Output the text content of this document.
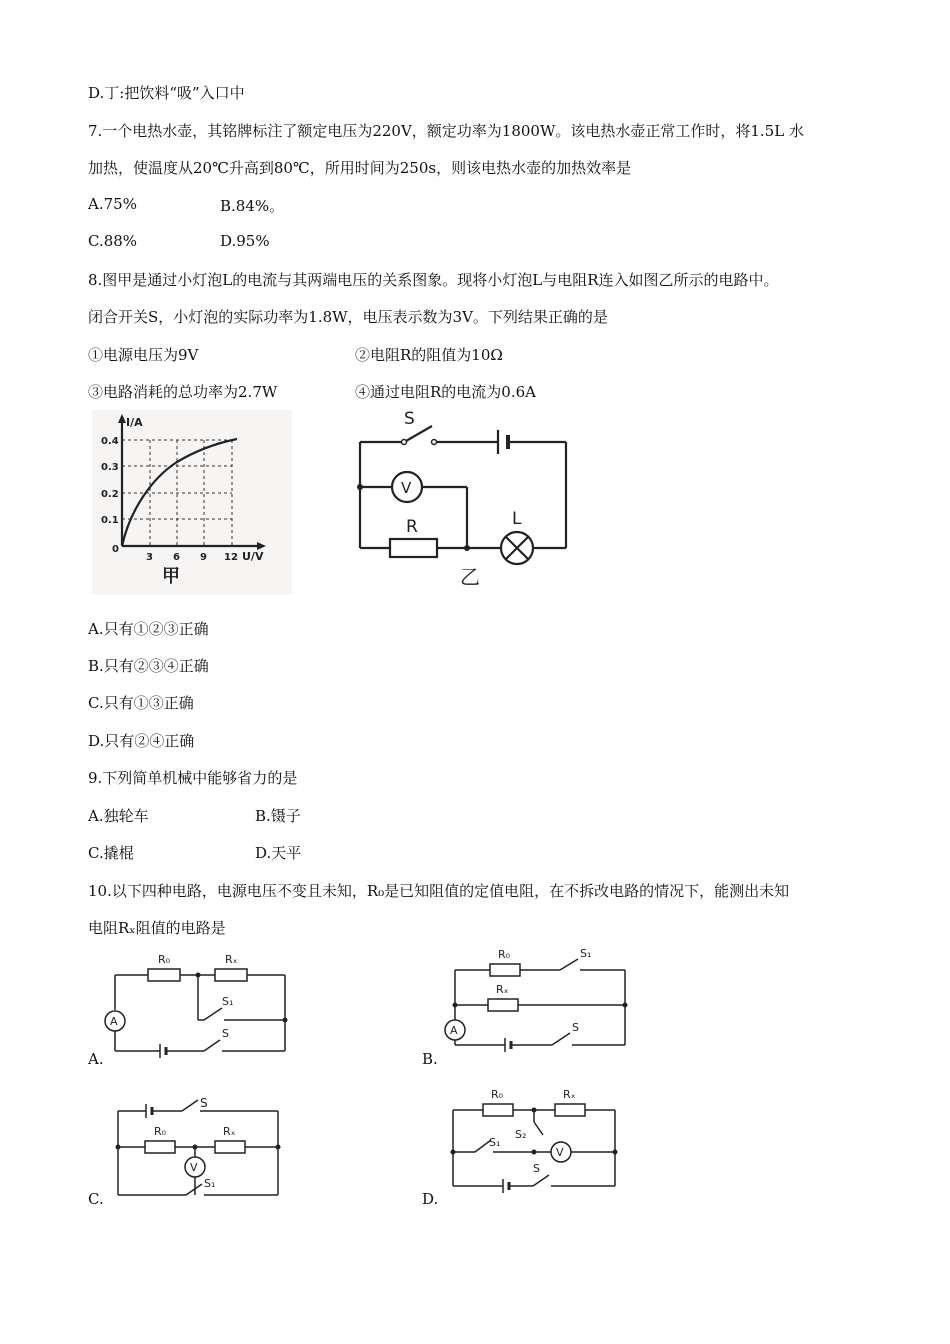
D.丁:把饮料“吸”入口中
7.一个电热水壶，其铭牌标注了额定电压为220V，额定功率为1800W。该电热水壶正常工作时，将1.5L 水
加热，使温度从20℃升高到80℃，所用时间为250s，则该电热水壶的加热效率是
A.75%	B.84%。
C.88%	D.95%
8.图甲是通过小灯泡L的电流与其两端电压的关系图象。现将小灯泡L与电阻R连入如图乙所示的电路中。
闭合开关S，小灯泡的实际功率为1.8W，电压表示数为3V。下列结果正确的是
①电源电压为9V	②电阻R的阻值为10Ω
③电路消耗的总功率为2.7W	④通过电阻R的电流为0.6A
I/A
U/V
0
0.4
0.3
0.2
0.1
3 6 9 12
甲
S
V
R	L
乙
A.只有①②③正确
B.只有②③④正确
C.只有①③正确
D.只有②④正确
9.下列简单机械中能够省力的是
A.独轮车	B.镊子
C.撬棍	D.天平
10.以下四种电路，电源电压不变且未知，R₀是已知阻值的定值电阻，在不拆改电路的情况下，能测出未知
电阻Rₓ阻值的电路是
A.
R₀	Rₓ
S₁
A
S
B.
R₀	S₁
Rₓ
A	S
C.
S
R₀	Rₓ
V
S₁
D.
R₀	Rₓ
S₂
S₁
V
S
